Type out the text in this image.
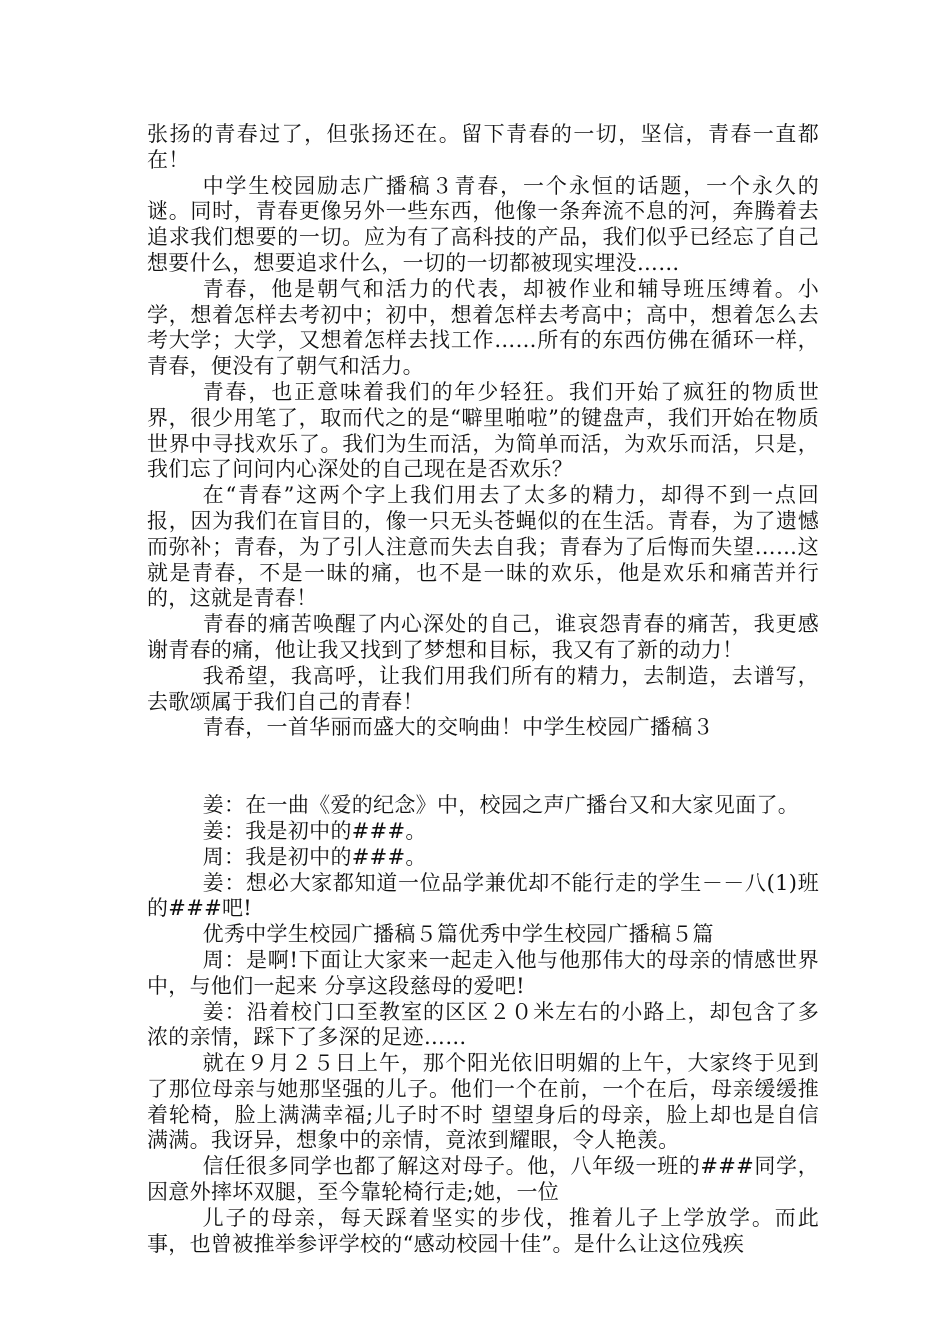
张扬的青春过了，但张扬还在。留下青春的一切，坚信，青春一直都在！

中学生校园励志广播稿３青春，一个永恒的话题，一个永久的谜。同时，青春更像另外一些东西，他像一条奔流不息的河，奔腾着去追求我们想要的一切。应为有了高科技的产品，我们似乎已经忘了自己想要什么，想要追求什么，一切的一切都被现实埋没……

青春，他是朝气和活力的代表，却被作业和辅导班压缚着。小学，想着怎样去考初中；初中，想着怎样去考高中；高中，想着怎么去考大学；大学，又想着怎样去找工作……所有的东西仿佛在循环一样，青春，便没有了朝气和活力。

青春，也正意味着我们的年少轻狂。我们开始了疯狂的物质世界，很少用笔了，取而代之的是“噼里啪啦”的键盘声，我们开始在物质世界中寻找欢乐了。我们为生而活，为简单而活，为欢乐而活，只是，我们忘了问问内心深处的自己现在是否欢乐？

在“青春”这两个字上我们用去了太多的精力，却得不到一点回报，因为我们在盲目的，像一只无头苍蝇似的在生活。青春，为了遗憾而弥补；青春，为了引人注意而失去自我；青春为了后悔而失望……这就是青春，不是一昧的痛，也不是一昧的欢乐，他是欢乐和痛苦并行的，这就是青春！

青春的痛苦唤醒了内心深处的自己，谁哀怨青春的痛苦，我更感谢青春的痛，他让我又找到了梦想和目标，我又有了新的动力！

我希望，我高呼，让我们用我们所有的精力，去制造，去谱写，去歌颂属于我们自己的青春！

青春，一首华丽而盛大的交响曲！中学生校园广播稿３

姜：在一曲《爱的纪念》中，校园之声广播台又和大家见面了。

姜：我是初中的###。

周：我是初中的###。

姜：想必大家都知道一位品学兼优却不能行走的学生－－八(1)班的###吧!

优秀中学生校园广播稿５篇优秀中学生校园广播稿５篇

周：是啊!下面让大家来一起走入他与他那伟大的母亲的情感世界中，与他们一起来 分享这段慈母的爱吧!

姜：沿着校门口至教室的区区２０米左右的小路上，却包含了多浓的亲情，踩下了多深的足迹……

就在９月２５日上午，那个阳光依旧明媚的上午，大家终于见到了那位母亲与她那坚强的儿子。他们一个在前，一个在后，母亲缓缓推着轮椅，脸上满满幸福;儿子时不时 望望身后的母亲，脸上却也是自信满满。我讶异，想象中的亲情，竟浓到耀眼，令人艳羡。

信任很多同学也都了解这对母子。他，八年级一班的###同学，因意外摔坏双腿，至今靠轮椅行走;她，一位

儿子的母亲，每天踩着坚实的步伐，推着儿子上学放学。而此事，也曾被推举参评学校的“感动校园十佳”。是什么让这位残疾
